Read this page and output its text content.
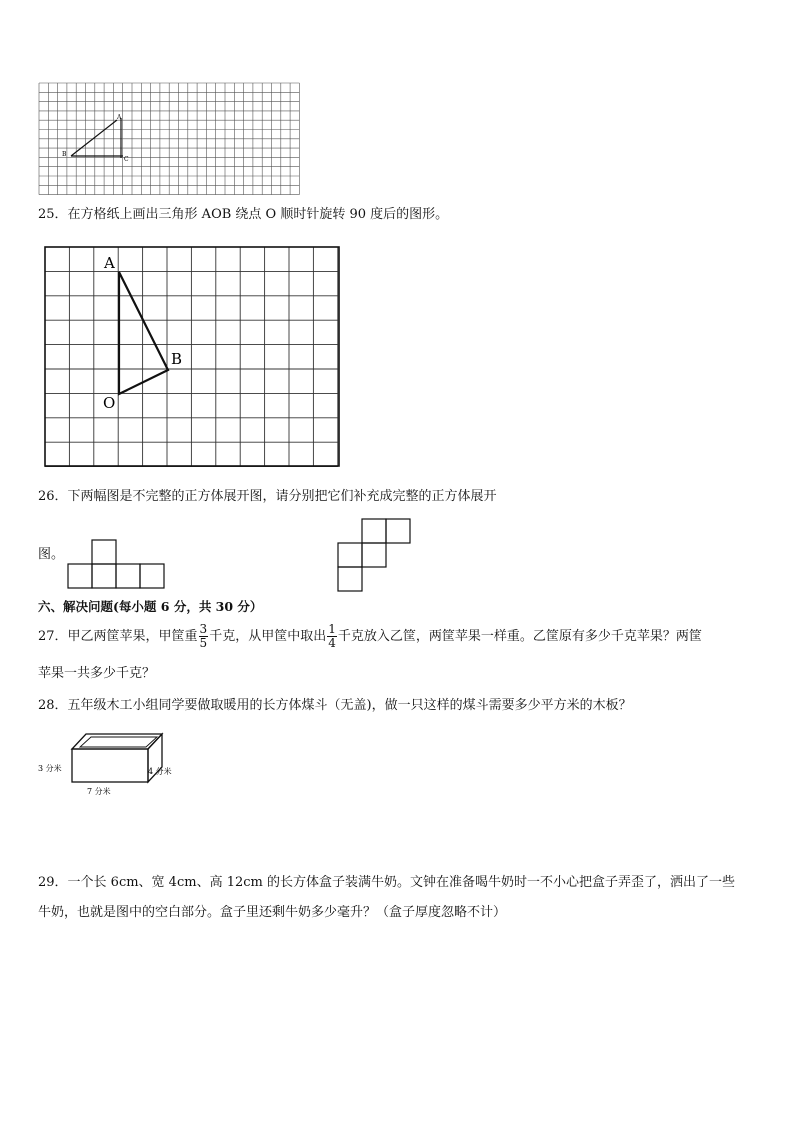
A
B
C
25．在方格纸上画出三角形 AOB 绕点 O 顺时针旋转 90 度后的图形。
A
B
O
26．下两幅图是不完整的正方体展开图，请分别把它们补充成完整的正方体展开
图。
六、解决问题(每小题 6 分，共 30 分）
27．甲乙两筐苹果，甲筐重 $\frac{3}{5}$ 千克，从甲筐中取出 $\frac{1}{4}$ 千克放入乙筐，两筐苹果一样重。乙筐原有多少千克苹果？两筐
苹果一共多少千克？
28．五年级木工小组同学要做取暖用的长方体煤斗（无盖)，做一只这样的煤斗需要多少平方米的木板？
3 分米	4 分米
7 分米
29．一个长 6cm、宽 4cm、高 12cm 的长方体盒子装满牛奶。文钟在准备喝牛奶时一不小心把盒子弄歪了，洒出了一些
牛奶，也就是图中的空白部分。盒子里还剩牛奶多少毫升？（盒子厚度忽略不计）
